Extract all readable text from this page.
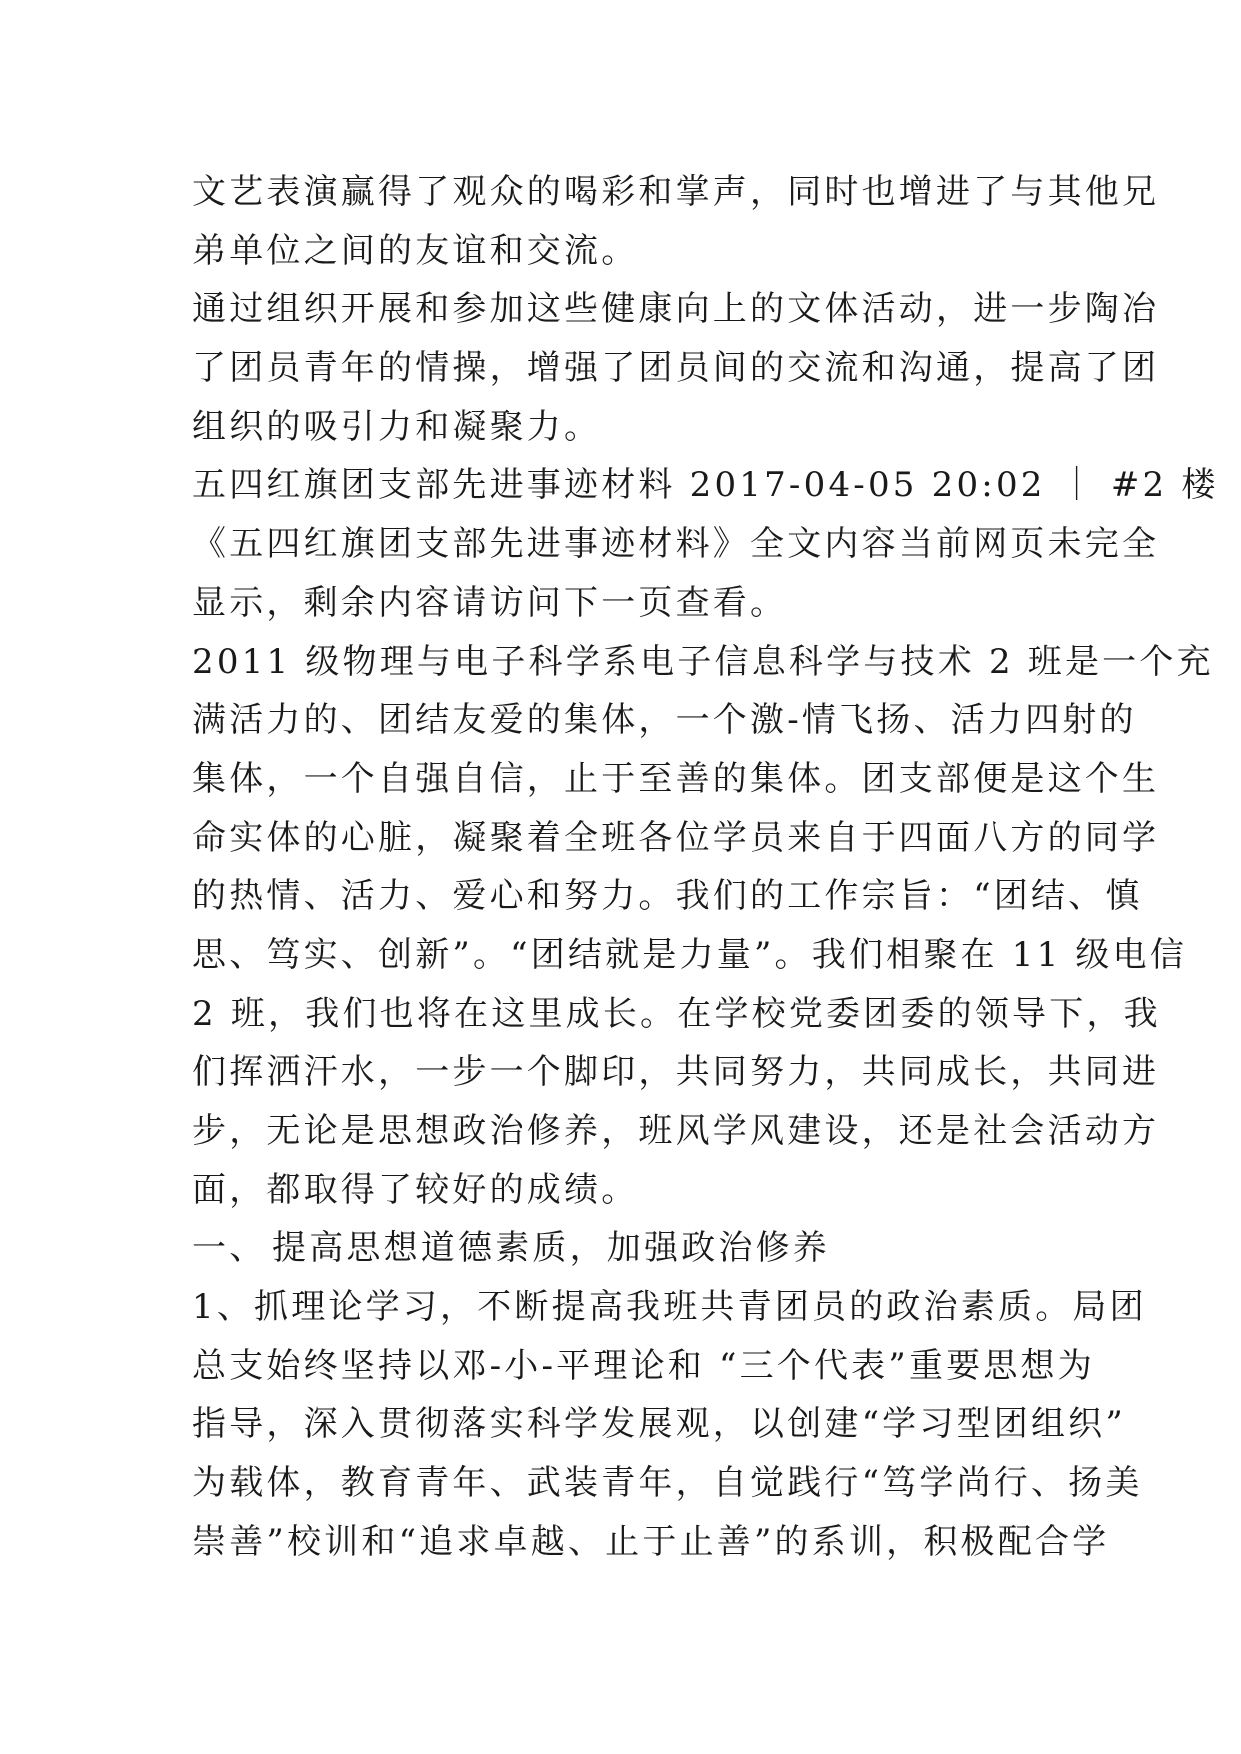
文艺表演赢得了观众的喝彩和掌声，同时也增进了与其他兄
弟单位之间的友谊和交流。
通过组织开展和参加这些健康向上的文体活动，进一步陶冶
了团员青年的情操，增强了团员间的交流和沟通，提高了团
组织的吸引力和凝聚力。
五四红旗团支部先进事迹材料 2017-04-05 20:02 ｜ #2 楼
《五四红旗团支部先进事迹材料》全文内容当前网页未完全
显示，剩余内容请访问下一页查看。
2011 级物理与电子科学系电子信息科学与技术 2 班是一个充
满活力的、团结友爱的集体，一个激-情飞扬、活力四射的
集体，一个自强自信，止于至善的集体。团支部便是这个生
命实体的心脏，凝聚着全班各位学员来自于四面八方的同学
的热情、活力、爱心和努力。我们的工作宗旨：“团结、慎
思、笃实、创新”。“团结就是力量”。我们相聚在 11 级电信
2 班，我们也将在这里成长。在学校党委团委的领导下，我
们挥洒汗水，一步一个脚印，共同努力，共同成长，共同进
步，无论是思想政治修养，班风学风建设，还是社会活动方
面，都取得了较好的成绩。
一、 提高思想道德素质，加强政治修养
1、抓理论学习，不断提高我班共青团员的政治素质。局团
总支始终坚持以邓-小-平理论和 “三个代表”重要思想为
指导，深入贯彻落实科学发展观，以创建“学习型团组织”
为载体，教育青年、武装青年，自觉践行“笃学尚行、扬美
崇善”校训和“追求卓越、止于止善”的系训，积极配合学
